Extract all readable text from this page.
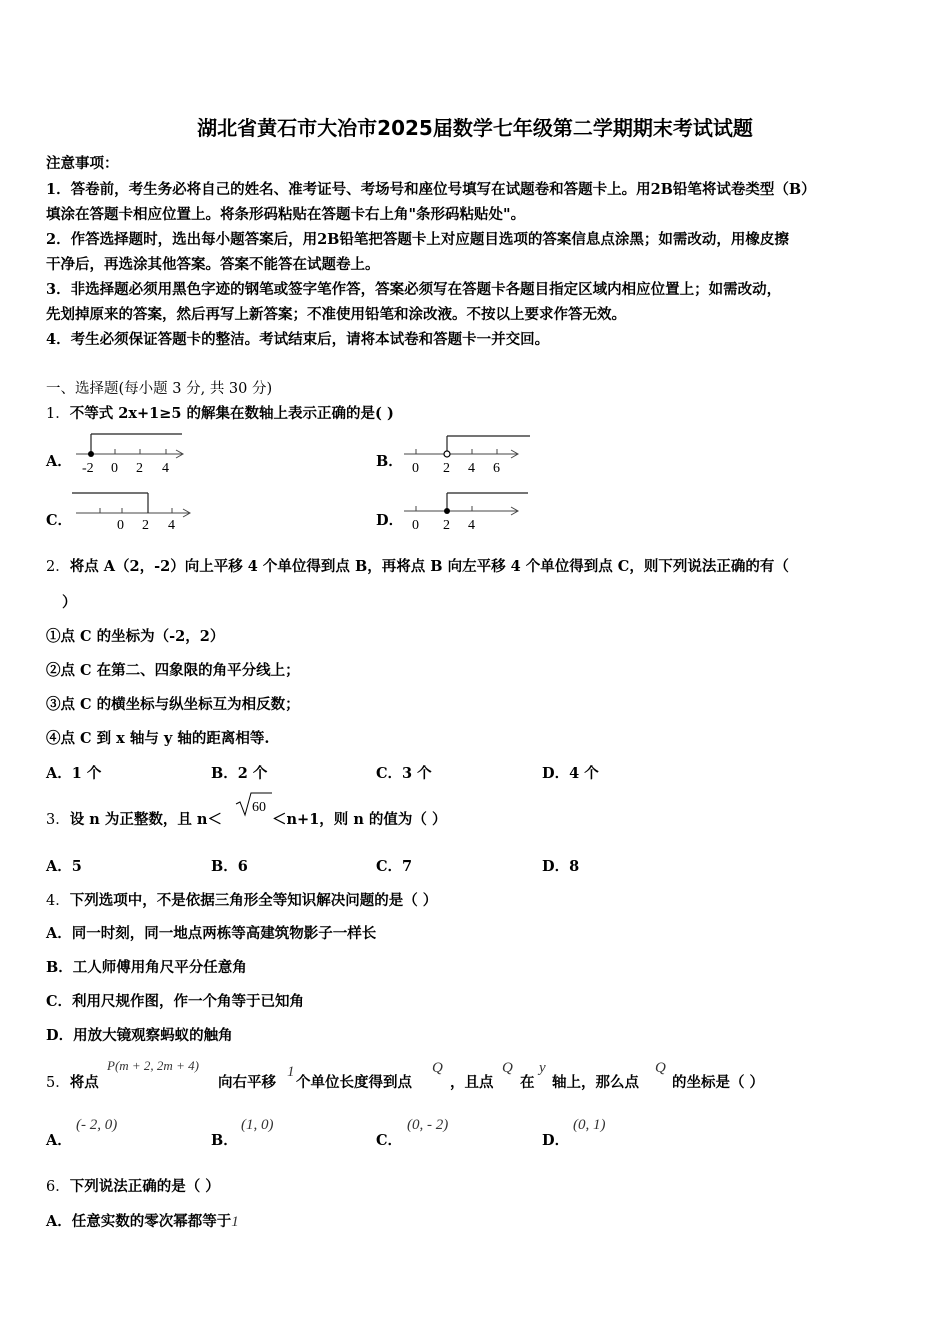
湖北省黄石市大冶市2025届数学七年级第二学期期末考试试题
注意事项：
1．答卷前，考生务必将自己的姓名、准考证号、考场号和座位号填写在试题卷和答题卡上。用2B铅笔将试卷类型（B）
填涂在答题卡相应位置上。将条形码粘贴在答题卡右上角"条形码粘贴处"。
2．作答选择题时，选出每小题答案后，用2B铅笔把答题卡上对应题目选项的答案信息点涂黑；如需改动，用橡皮擦
干净后，再选涂其他答案。答案不能答在试题卷上。
3．非选择题必须用黑色字迹的钢笔或签字笔作答，答案必须写在答题卡各题目指定区域内相应位置上；如需改动，
先划掉原来的答案，然后再写上新答案；不准使用铅笔和涂改液。不按以上要求作答无效。
4．考生必须保证答题卡的整洁。考试结束后，请将本试卷和答题卡一并交回。
一、选择题(每小题 3 分, 共 30 分)
1．不等式 2x+1≥5 的解集在数轴上表示正确的是( )
A． -2 0 2 4	B． 0 2 4 6
C．	0 2 4	D． 0 2 4
2．将点 A（2，-2）向上平移 4 个单位得到点 B，再将点 B 向左平移 4 个单位得到点 C，则下列说法正确的有（
）
①点 C 的坐标为（-2，2）
②点 C 在第二、四象限的角平分线上；
③点 C 的横坐标与纵坐标互为相反数；
④点 C 到 x 轴与 y 轴的距离相等.
A．1 个	B．2 个	C．3 个	D．4 个
3．设 n 为正整数，且 n＜
60
＜n+1，则 n 的值为（ ）
A．5	B．6	C．7	D．8
4．下列选项中，不是依据三角形全等知识解决问题的是（ ）
A．同一时刻，同一地点两栋等高建筑物影子一样长
B．工人师傅用角尺平分任意角
C．利用尺规作图，作一个角等于已知角
D．用放大镜观察蚂蚁的触角
5．将点
P(m + 2, 2m + 4)
向右平移
1
个单位长度得到点
Q
，且点
Q
在
y
轴上，那么点
Q
的坐标是（ ）
A．
(- 2, 0)
B．
(1, 0)
C．
(0, - 2)
D．
(0, 1)
6．下列说法正确的是（ ）
A．任意实数的零次幂都等于1
